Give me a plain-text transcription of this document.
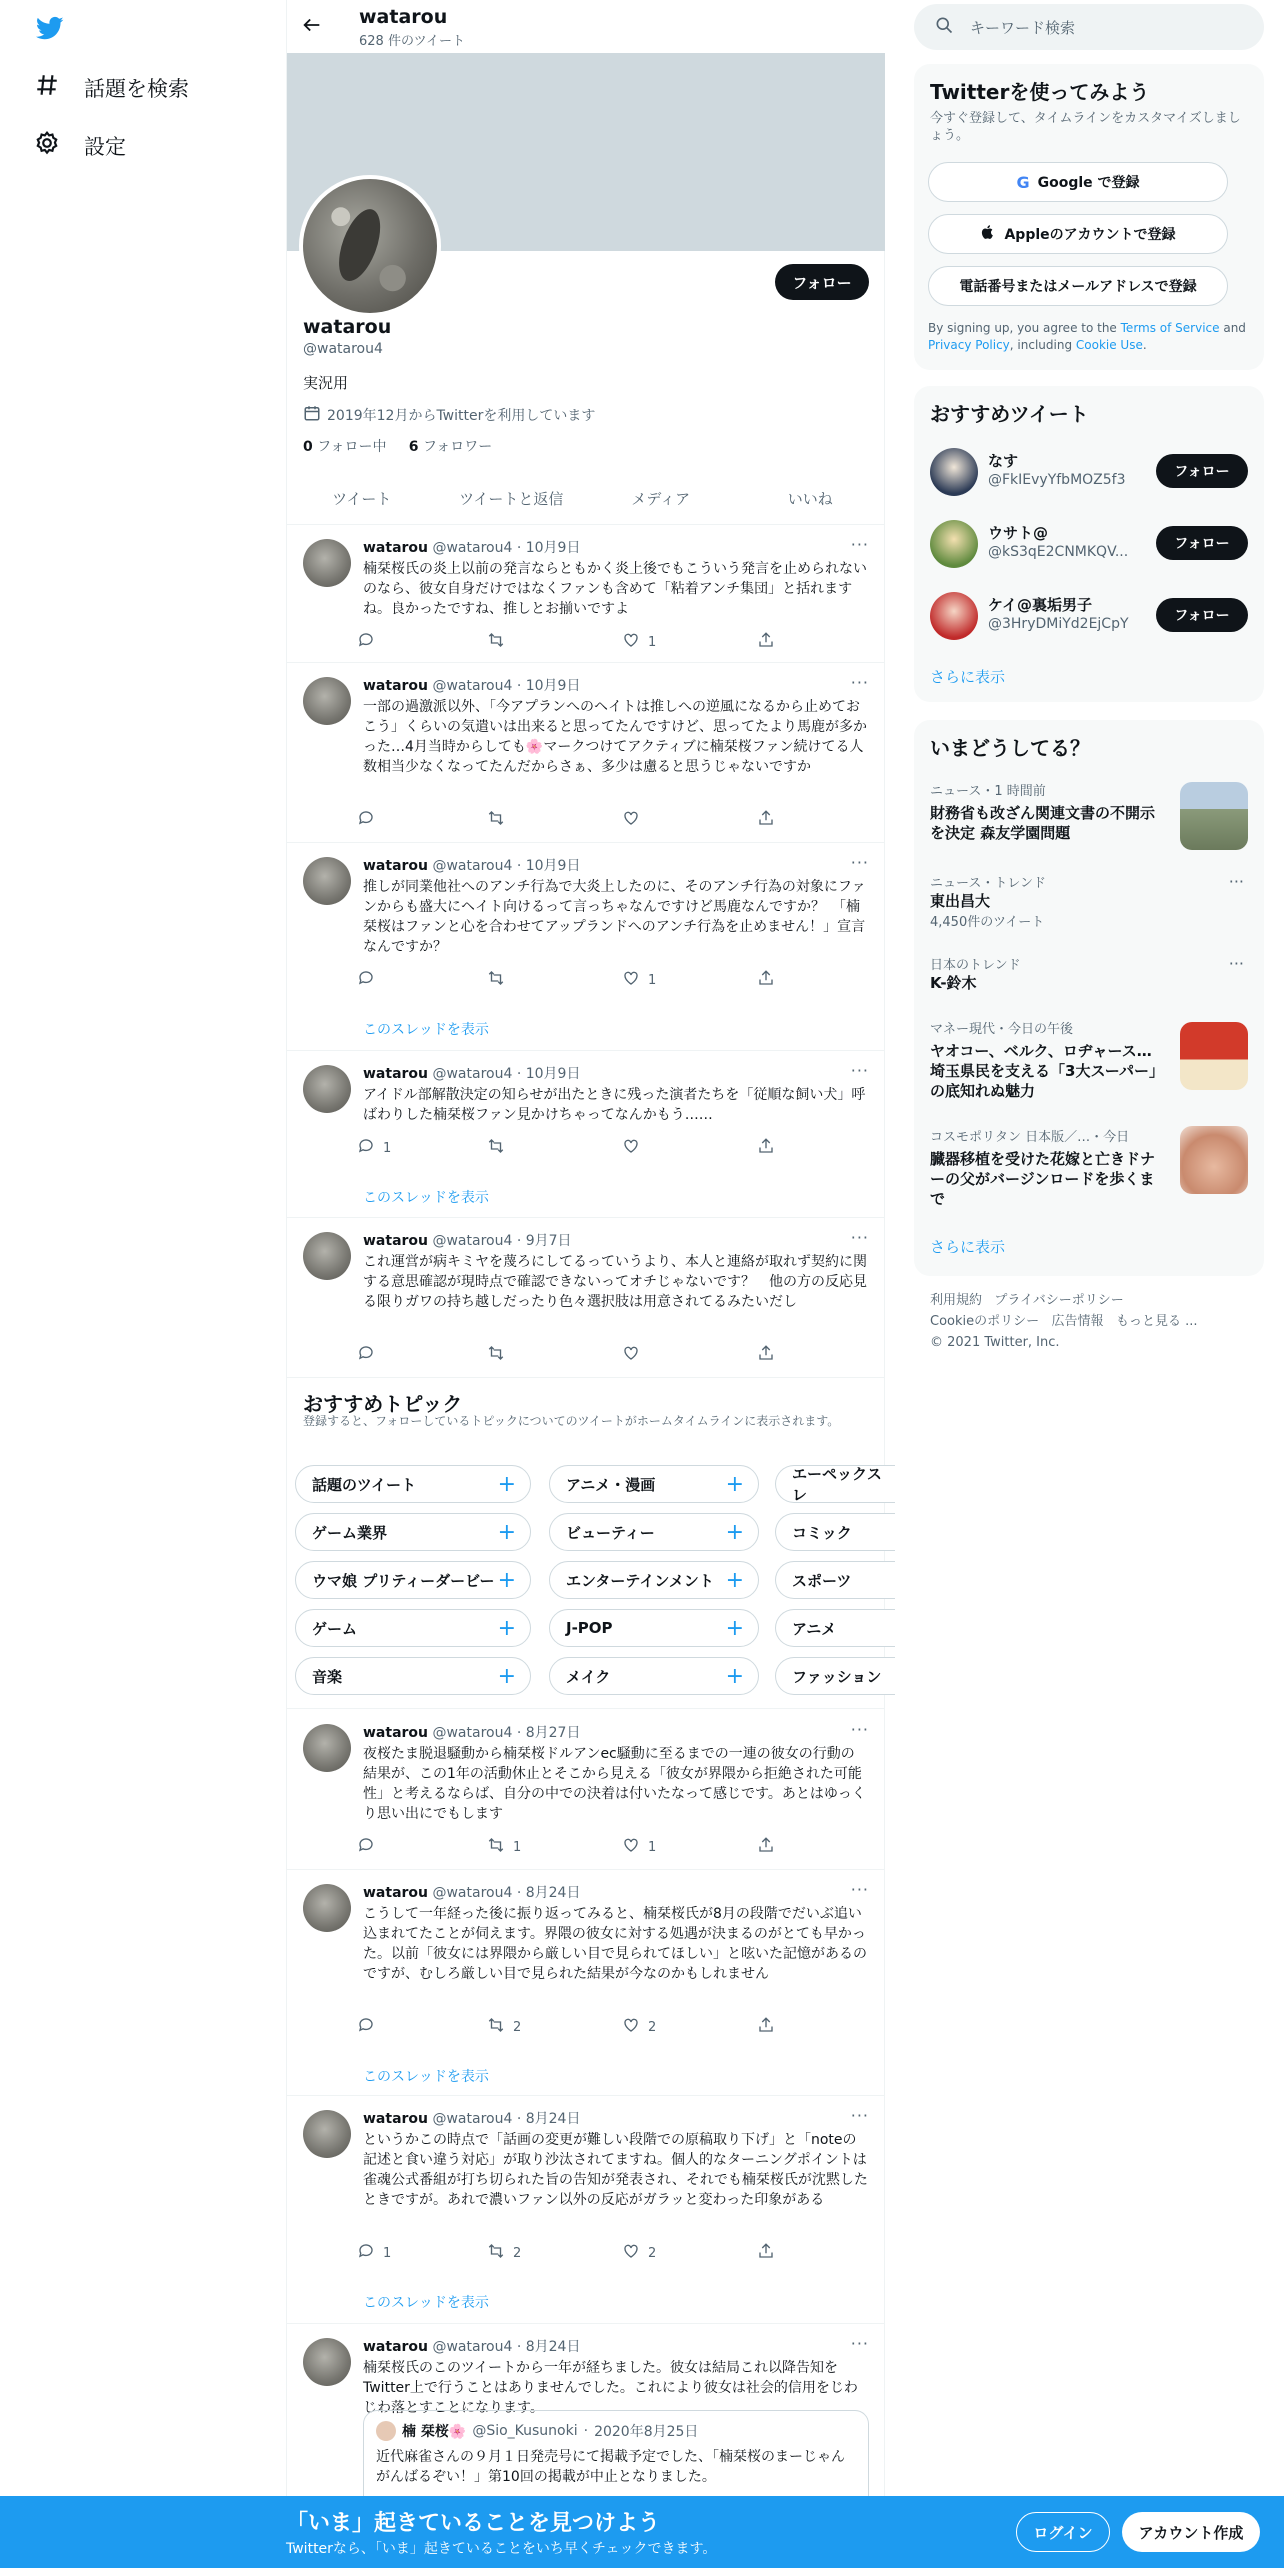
話題を検索
設定
watarou
628 件のツイート
フォロー
watarou
@watarou4
実況用
2019年12月からTwitterを利用しています
0 フォロー中 6 フォロワー
ツイート	ツイートと返信	メディア	いいね
watarou @watarou4 · 10月9日	···
楠栞桜氏の炎上以前の発言ならともかく炎上後でもこういう発言を止められないのなら、彼女自身だけではなくファンも含めて「粘着アンチ集団」と括れますね。良かったですね、推しとお揃いですよ
1
watarou @watarou4 · 10月9日	···
一部の過激派以外、「今アプランへのヘイトは推しへの逆風になるから止めておこう」くらいの気遣いは出来ると思ってたんですけど、思ってたより馬鹿が多かった…4月当時からしても🌸マークつけてアクティブに楠栞桜ファン続けてる人数相当少なくなってたんだからさぁ、多少は慮ると思うじゃないですか
watarou @watarou4 · 10月9日	···
推しが同業他社へのアンチ行為で大炎上したのに、そのアンチ行為の対象にファンからも盛大にヘイト向けるって言っちゃなんですけど馬鹿なんですか？　「楠栞桜はファンと心を合わせてアップランドへのアンチ行為を止めません！」宣言なんですか？
1
このスレッドを表示
watarou @watarou4 · 10月9日	···
アイドル部解散決定の知らせが出たときに残った演者たちを「従順な飼い犬」呼ばわりした楠栞桜ファン見かけちゃってなんかもう……
1
このスレッドを表示
watarou @watarou4 · 9月7日	···
これ運営が病キミヤを蔑ろにしてるっていうより、本人と連絡が取れず契約に関する意思確認が現時点で確認できないってオチじゃないです？　他の方の反応見る限りガワの持ち越しだったり色々選択肢は用意されてるみたいだし
watarou @watarou4 · 8月27日	···
夜桜たま脱退騒動から楠栞桜ドルアンec騒動に至るまでの一連の彼女の行動の結果が、この1年の活動休止とそこから見える「彼女が界隈から拒絶された可能性」と考えるならば、自分の中での決着は付いたなって感じです。あとはゆっくり思い出にでもします
1	1
watarou @watarou4 · 8月24日	···
こうして一年経った後に振り返ってみると、楠栞桜氏が8月の段階でだいぶ追い込まれてたことが伺えます。界隈の彼女に対する処遇が決まるのがとても早かった。以前「彼女には界隈から厳しい目で見られてほしい」と呟いた記憶があるのですが、むしろ厳しい目で見られた結果が今なのかもしれません
2	2
このスレッドを表示
watarou @watarou4 · 8月24日	···
というかこの時点で「話画の変更が難しい段階での原稿取り下げ」と「noteの記述と食い違う対応」が取り沙汰されてますね。個人的なターニングポイントは雀魂公式番組が打ち切られた旨の告知が発表され、それでも楠栞桜氏が沈黙したときですが。あれで濃いファン以外の反応がガラッと変わった印象がある
1	2	2
このスレッドを表示
watarou @watarou4 · 8月24日	···
楠栞桜氏のこのツイートから一年が経ちました。彼女は結局これ以降告知をTwitter上で行うことはありませんでした。これにより彼女は社会的信用をじわじわ落とすことになります。
おすすめトピック
登録すると、フォローしているトピックについてのツイートがホームタイムラインに表示されます。
話題のツイート	+	アニメ・漫画	+	エーペックスレ
ゲーム業界	+	ビューティー	+	コミック
ウマ娘 プリティーダービー +	エンターテインメント +	スポーツ
ゲーム	+	J-POP	+	アニメ
音楽	+	メイク	+	ファッション
楠 栞桜🌸 @Sio_Kusunoki · 2020年8月25日
近代麻雀さんの９月１日発売号にて掲載予定でした、「楠栞桜のまーじゃんがんばるぞい！」第10回の掲載が中止となりました。
キーワード検索
Twitterを使ってみよう
今すぐ登録して、タイムラインをカスタマイズしましょう。
G Google で登録
Appleのアカウントで登録
電話番号またはメールアドレスで登録
By signing up, you agree to the Terms of Service and Privacy Policy, including Cookie Use.
おすすめツイート
なす
@FkIEvyYfbMOZ5f3	フォロー
ウサト@
@kS3qE2CNMKQV...	フォロー
ケイ@裏垢男子
@3HryDMiYd2EjCpY	フォロー
さらに表示
いまどうしてる？
ニュース・1 時間前
財務省も改ざん関連文書の不開示を決定 森友学園問題
ニュース・トレンド
東出昌大
4,450件のツイート
···
日本のトレンド
K-鈴木
···
マネー現代・今日の午後
ヤオコー、ベルク、ロヂャース…埼玉県民を支える「3大スーパー」の底知れぬ魅力
コスモポリタン 日本版／…・今日
臓器移植を受けた花嫁と亡き⁠ドナーの父がバージンロードを歩くまで
さらに表示
利用規約 プライバシーポリシー
Cookieのポリシー 広告情報 もっと見る ...
© 2021 Twitter, Inc.
「いま」起きていることを見つけよう
Twitterなら、「いま」起きていることをいち早くチェックできます。
ログイン	アカウント作成
